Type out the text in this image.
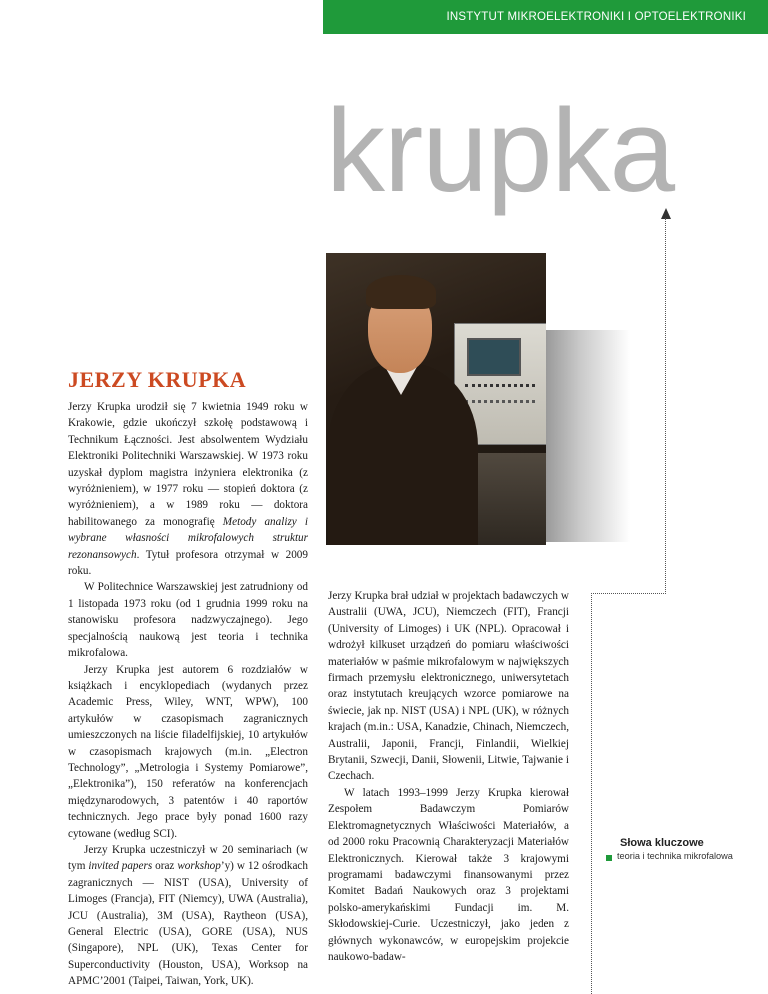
INSTYTUT MIKROELEKTRONIKI I OPTOELEKTRONIKI
krupka
JERZY KRUPKA

Jerzy Krupka urodził się 7 kwietnia 1949 roku w Krakowie, gdzie ukończył szkołę podstawową i Technikum Łączności. Jest absolwentem Wydziału Elektroniki Politechniki Warszawskiej. W 1973 roku uzyskał dyplom magistra inżyniera elektronika (z wyróżnieniem), w 1977 roku — stopień doktora (z wyróżnieniem), a w 1989 roku — doktora habilitowanego za monografię Metody analizy i wybrane własności mikrofalowych struktur rezonansowych. Tytuł profesora otrzymał w 2009 roku.

W Politechnice Warszawskiej jest zatrudniony od 1 listopada 1973 roku (od 1 grudnia 1999 roku na stanowisku profesora nadzwyczajnego). Jego specjalnością naukową jest teoria i technika mikrofalowa.

Jerzy Krupka jest autorem 6 rozdziałów w książkach i encyklopediach (wydanych przez Academic Press, Wiley, WNT, WPW), 100 artykułów w czasopismach zagranicznych umieszczonych na liście filadelfijskiej, 10 artykułów w czasopismach krajowych (m.in. „Electron Technology”, „Metrologia i Systemy Pomiarowe”, „Elektronika”), 150 referatów na konferencjach międzynarodowych, 3 patentów i 40 raportów technicznych. Jego prace były ponad 1600 razy cytowane (według SCI).

Jerzy Krupka uczestniczył w 20 seminariach (w tym invited papers oraz workshop’y) w 12 ośrodkach zagranicznych — NIST (USA), University of Limoges (Francja), FIT (Niemcy), UWA (Australia), JCU (Australia), 3M (USA), Raytheon (USA), General Electric (USA), GORE (USA), NUS (Singapore), NPL (UK), Texas Center for Superconductivity (Houston, USA), Worksop na APMC’2001 (Taipei, Taiwan, York, UK).

Jerzy Krupka brał udział w projektach badawczych w Australii (UWA, JCU), Niemczech (FIT), Francji (University of Limoges) i UK (NPL). Opracował i wdrożył kilkuset urządzeń do pomiaru właściwości materiałów w paśmie mikrofalowym w największych firmach przemysłu elektronicznego, uniwersytetach oraz instytutach kreujących wzorce pomiarowe na świecie, jak np. NIST (USA) i NPL (UK), w różnych krajach (m.in.: USA, Kanadzie, Chinach, Niemczech, Australii, Japonii, Francji, Finlandii, Wielkiej Brytanii, Szwecji, Danii, Słowenii, Litwie, Tajwanie i Czechach.

W latach 1993–1999 Jerzy Krupka kierował Zespołem Badawczym Pomiarów Elektromagnetycznych Właściwości Materiałów, a od 2000 roku Pracownią Charakteryzacji Materiałów Elektronicznych. Kierował także 3 krajowymi programami badawczymi finansowanymi przez Komitet Badań Naukowych oraz 3 projektami polsko-amerykańskimi Fundacji im. M. Skłodowskiej-Curie. Uczestniczył, jako jeden z głównych wykonawców, w europejskim projekcie naukowo-badaw-

Słowa kluczowe
teoria i technika mikrofalowa
